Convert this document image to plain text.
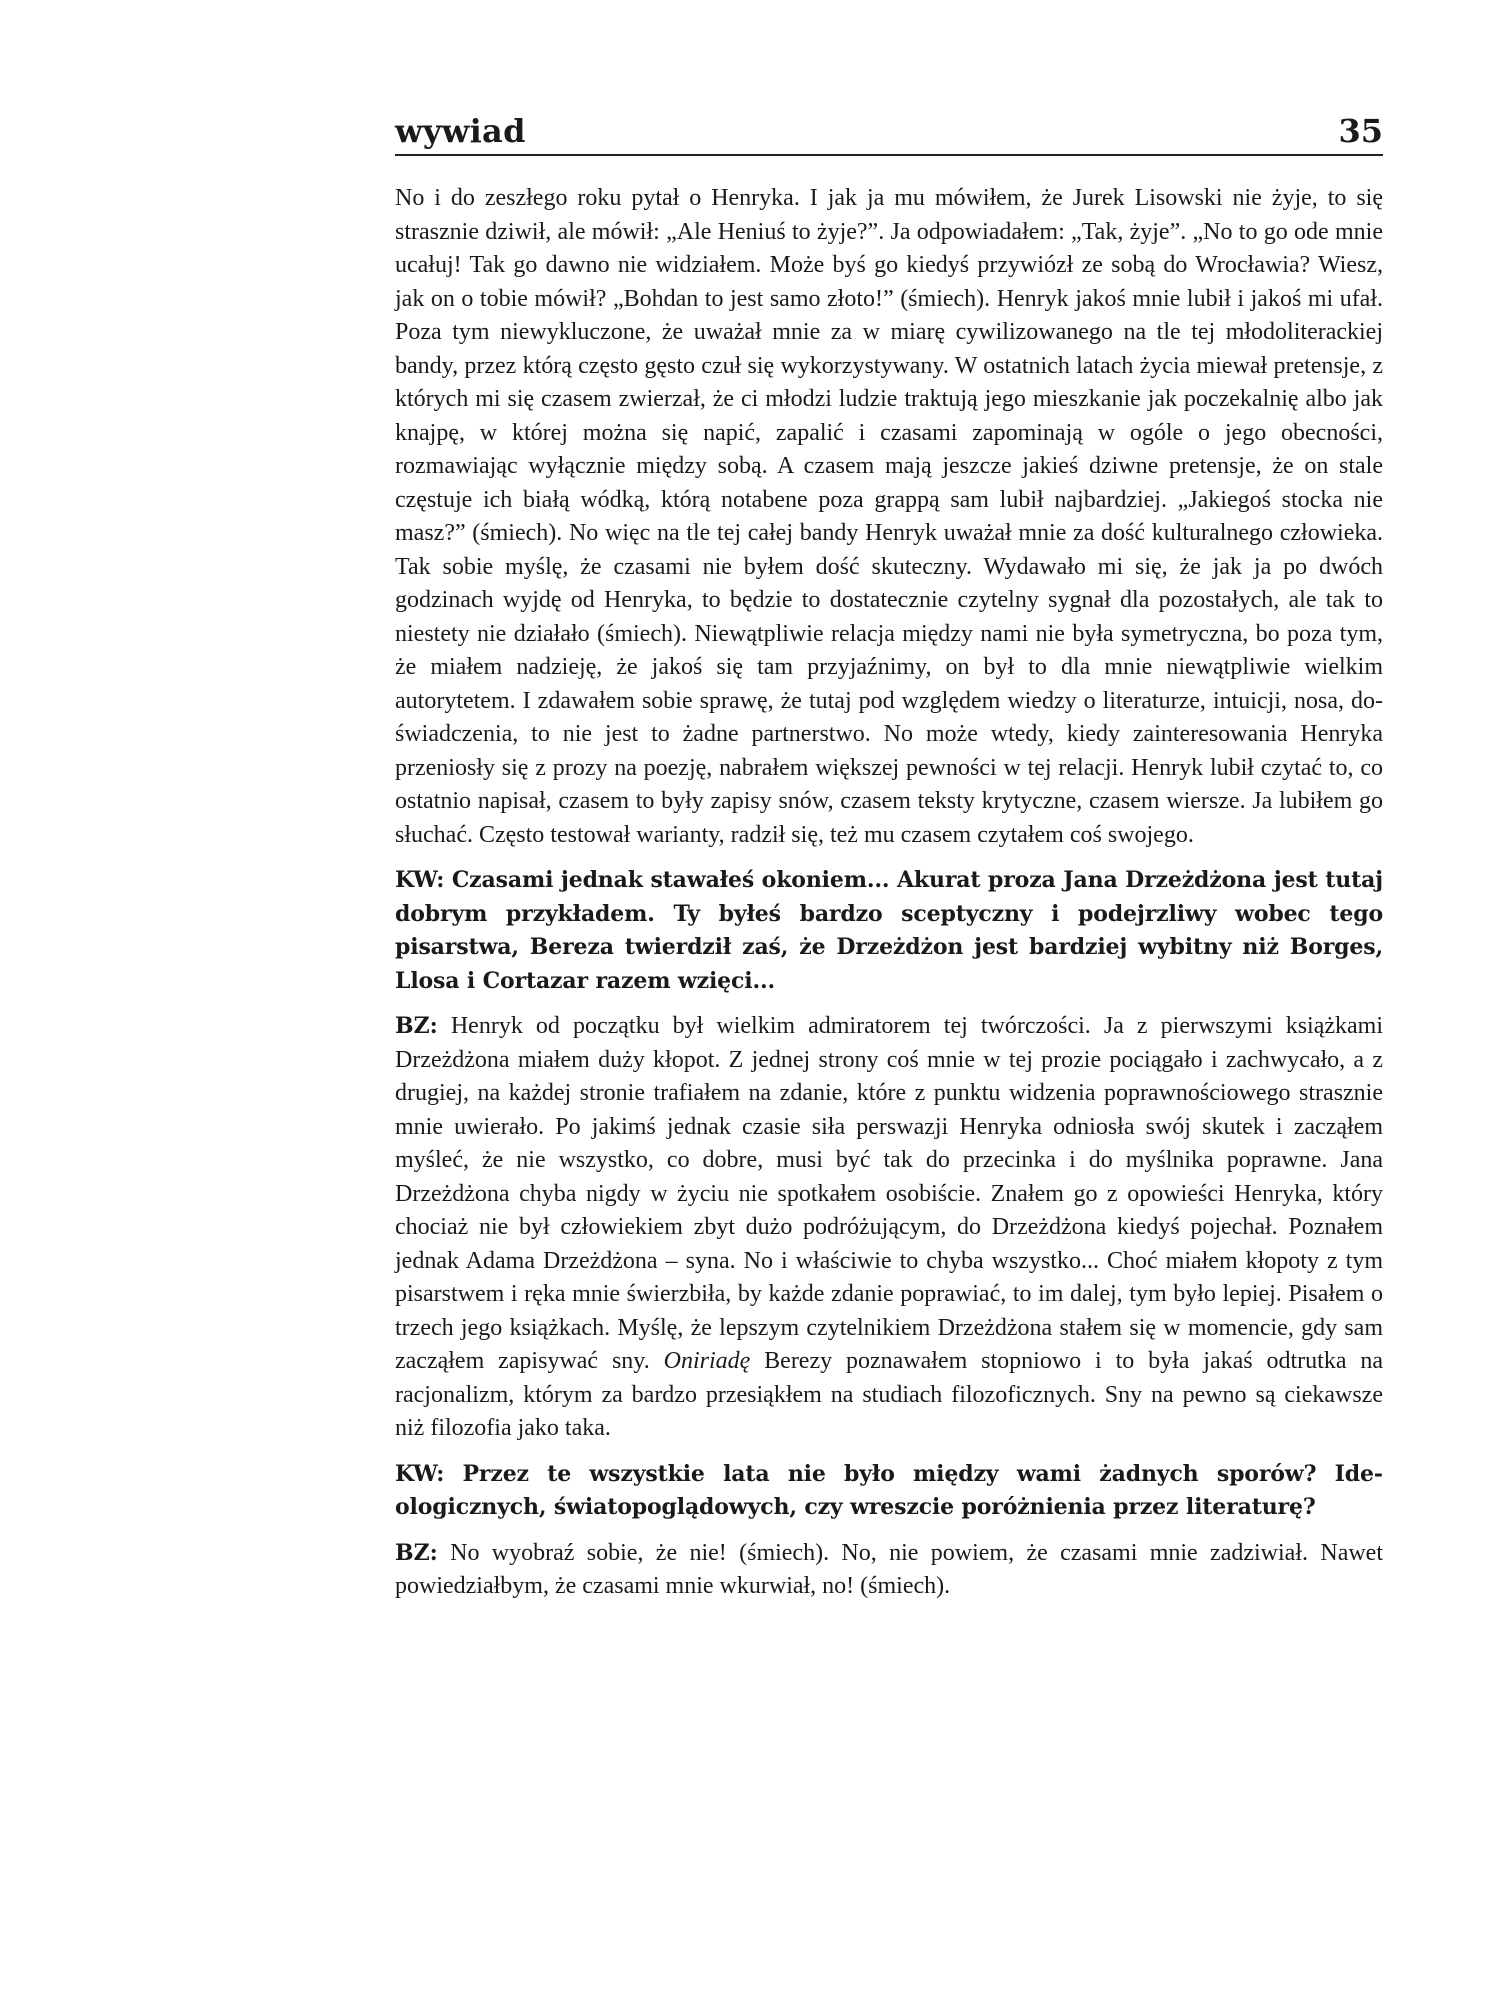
wywiad	35

No i do zeszłego roku pytał o Henryka. I jak ja mu mówiłem, że Jurek Lisowski nie żyje, to się strasznie dziwił, ale mówił: „Ale Heniuś to żyje?”. Ja odpowiadałem: „Tak, żyje”. „No to go ode mnie ucałuj! Tak go dawno nie widziałem. Może byś go kiedyś przywiózł ze sobą do Wrocławia? Wiesz, jak on o tobie mówił? „Bohdan to jest samo złoto!” (śmiech). Henryk jakoś mnie lubił i jakoś mi ufał. Poza tym niewykluczone, że uważał mnie za w miarę cywilizowanego na tle tej młodoliterackiej bandy, przez którą często gęsto czuł się wykorzystywany. W ostatnich latach życia miewał pretensje, z których mi się czasem zwierzał, że ci młodzi ludzie traktują jego mieszkanie jak poczekalnię albo jak knajpę, w której można się napić, zapalić i czasami zapominają w ogóle o jego obecności, rozmawiając wyłącznie między sobą. A czasem mają jeszcze jakieś dziwne pretensje, że on stale częstuje ich białą wódką, którą notabene poza grappą sam lubił najbardziej. „Jakiegoś stocka nie masz?” (śmiech). No więc na tle tej całej bandy Henryk uważał mnie za dość kulturalnego człowieka. Tak sobie myślę, że czasami nie byłem dość skuteczny. Wydawało mi się, że jak ja po dwóch godzinach wyjdę od Henryka, to będzie to dostatecznie czytelny sygnał dla pozostałych, ale tak to niestety nie działało (śmiech). Niewątpliwie relacja między nami nie była symetryczna, bo poza tym, że miałem nadzieję, że jakoś się tam przyjaźnimy, on był to dla mnie niewątpliwie wielkim autorytetem. I zdawałem sobie sprawę, że tutaj pod względem wiedzy o literaturze, intuicji, nosa, doświadczenia, to nie jest to żadne partnerstwo. No może wtedy, kiedy zainteresowania Henryka przeniosły się z prozy na poezję, nabrałem większej pewności w tej relacji. Henryk lubił czytać to, co ostatnio napisał, czasem to były zapisy snów, czasem teksty krytyczne, czasem wiersze. Ja lubiłem go słuchać. Często testował warianty, radził się, też mu czasem czytałem coś swojego.

KW: Czasami jednak stawałeś okoniem... Akurat proza Jana Drzeżdżona jest tutaj dobrym przykładem. Ty byłeś bardzo sceptyczny i podejrzliwy wobec tego pisarstwa, Bereza twierdził zaś, że Drzeżdżon jest bardziej wybitny niż Borges, Llosa i Cortazar razem wzięci...

BZ: Henryk od początku był wielkim admiratorem tej twórczości. Ja z pierwszymi książkami Drzeżdżona miałem duży kłopot. Z jednej strony coś mnie w tej prozie pociągało i zachwycało, a z drugiej, na każdej stronie trafiałem na zdanie, które z punktu widzenia poprawnościowego strasznie mnie uwierało. Po jakimś jednak czasie siła perswazji Henryka odniosła swój skutek i zacząłem myśleć, że nie wszystko, co dobre, musi być tak do przecinka i do myślnika poprawne. Jana Drzeżdżona chyba nigdy w życiu nie spotkałem osobiście. Znałem go z opowieści Henryka, który chociaż nie był człowiekiem zbyt dużo podróżującym, do Drzeżdżona kiedyś pojechał. Poznałem jednak Adama Drzeżdżona – syna. No i właściwie to chyba wszystko... Choć miałem kłopoty z tym pisarstwem i ręka mnie świerzbiła, by każde zdanie poprawiać, to im dalej, tym było lepiej. Pisałem o trzech jego książkach. Myślę, że lepszym czytelnikiem Drzeżdżona stałem się w momencie, gdy sam zacząłem zapisywać sny. Oniriadę Berezy poznawałem stopniowo i to była jakaś odtrutka na racjonalizm, którym za bardzo przesiąkłem na studiach filozoficznych. Sny na pewno są ciekawsze niż filozofia jako taka.

KW: Przez te wszystkie lata nie było między wami żadnych sporów? Ideologicznych, światopoglądowych, czy wreszcie poróżnienia przez literaturę?

BZ: No wyobraź sobie, że nie! (śmiech). No, nie powiem, że czasami mnie zadziwiał. Nawet powiedziałbym, że czasami mnie wkurwiał, no! (śmiech).
